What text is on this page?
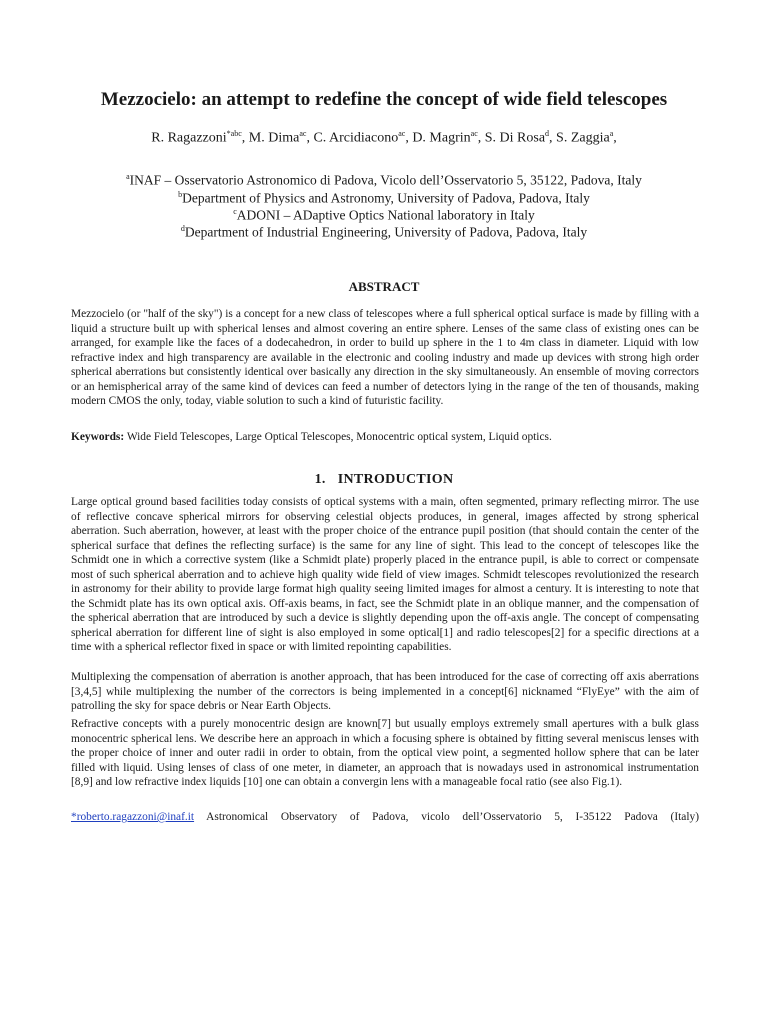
Mezzocielo: an attempt to redefine the concept of wide field telescopes
R. Ragazzoni$^{*abc}$, M. Dima$^{ac}$, C. Arcidiacono$^{ac}$, D. Magrin$^{ac}$, S. Di Rosa$^d$, S. Zaggia$^a$,
$^a$INAF – Osservatorio Astronomico di Padova, Vicolo dell’Osservatorio 5, 35122, Padova, Italy
$^b$Department of Physics and Astronomy, University of Padova, Padova, Italy
$^c$ADONI – ADaptive Optics National laboratory in Italy
$^d$Department of Industrial Engineering, University of Padova, Padova, Italy
ABSTRACT
Mezzocielo (or "half of the sky") is a concept for a new class of telescopes where a full spherical optical surface is made by filling with a liquid a structure built up with spherical lenses and almost covering an entire sphere. Lenses of the same class of existing ones can be arranged, for example like the faces of a dodecahedron, in order to build up sphere in the 1 to 4m class in diameter. Liquid with low refractive index and high transparency are available in the electronic and cooling industry and made up devices with strong high order spherical aberrations but consistently identical over basically any direction in the sky simultaneously. An ensemble of moving correctors or an hemispherical array of the same kind of devices can feed a number of detectors lying in the range of the ten of thousands, making modern CMOS the only, today, viable solution to such a kind of futuristic facility.
Keywords: Wide Field Telescopes, Large Optical Telescopes, Monocentric optical system, Liquid optics.
1. INTRODUCTION
Large optical ground based facilities today consists of optical systems with a main, often segmented, primary reflecting mirror. The use of reflective concave spherical mirrors for observing celestial objects produces, in general, images affected by strong spherical aberration. Such aberration, however, at least with the proper choice of the entrance pupil position (that should contain the center of the spherical surface that defines the reflecting surface) is the same for any line of sight. This lead to the concept of telescopes like the Schmidt one in which a corrective system (like a Schmidt plate) properly placed in the entrance pupil, is able to correct or compensate most of such spherical aberration and to achieve high quality wide field of view images. Schmidt telescopes revolutionized the research in astronomy for their ability to provide large format high quality seeing limited images for almost a century. It is interesting to note that the Schmidt plate has its own optical axis. Off-axis beams, in fact, see the Schmidt plate in an oblique manner, and the compensation of the spherical aberration that are introduced by such a device is slightly depending upon the off-axis angle. The concept of compensating spherical aberration for different line of sight is also employed in some optical[1] and radio telescopes[2] for a specific directions at a time with a spherical reflector fixed in space or with limited repointing capabilities.
Multiplexing the compensation of aberration is another approach, that has been introduced for the case of correcting off axis aberrations [3,4,5] while multiplexing the number of the correctors is being implemented in a concept[6] nicknamed “FlyEye” with the aim of patrolling the sky for space debris or Near Earth Objects.
Refractive concepts with a purely monocentric design are known[7] but usually employs extremely small apertures with a bulk glass monocentric spherical lens. We describe here an approach in which a focusing sphere is obtained by fitting several meniscus lenses with the proper choice of inner and outer radii in order to obtain, from the optical view point, a segmented hollow sphere that can be later filled with liquid. Using lenses of class of one meter, in diameter, an approach that is nowadays used in astronomical instrumentation [8,9] and low refractive index liquids [10] one can obtain a convergin lens with a manageable focal ratio (see also Fig.1).
*roberto.ragazzoni@inaf.it Astronomical Observatory of Padova, vicolo dell’Osservatorio 5, I-35122 Padova (Italy)
